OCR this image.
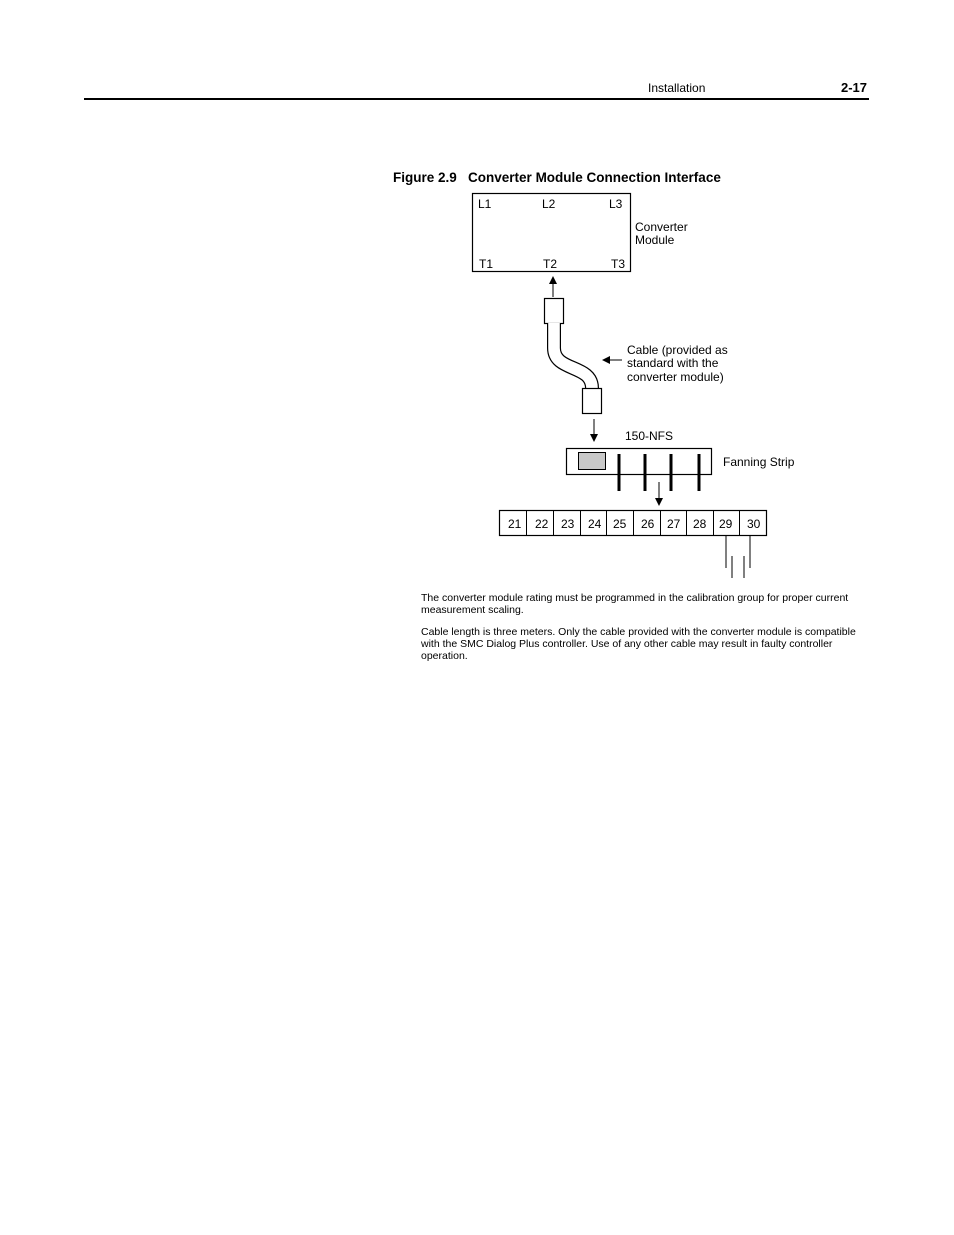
Installation	2-17
Figure 2.9 Converter Module Connection Interface
L1	L2	L3
T1	T2	T3
Converter
Module
Cable (provided as
standard with the
converter module)
150-NFS
Fanning Strip
21 22 23 24 25 26 27 28 29 30
The converter module rating must be programmed in the calibration group for proper current measurement scaling.
Cable length is three meters. Only the cable provided with the converter module is compatible with the SMC Dialog Plus controller. Use of any other cable may result in faulty controller operation.
